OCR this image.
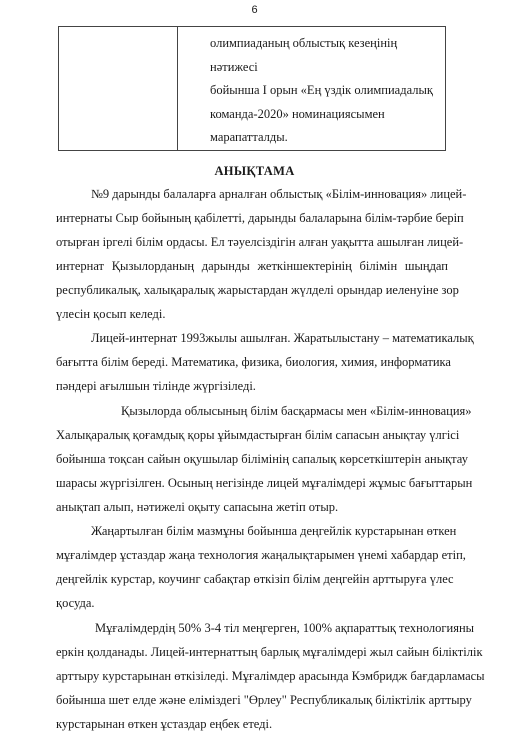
6

олимпиаданың облыстық кезеңінің нәтижесі
бойынша І орын «Ең үздік олимпиадалық
команда-2020» номинациясымен
марапатталды.
АНЫҚТАМА
№9 дарынды балаларға арналған облыстық «Білім-инновация» лицей-
интернаты Сыр бойының қабілетті, дарынды балаларына білім-тәрбие беріп
отырған іргелі білім ордасы. Ел тәуелсіздігін алған уақытта ашылған лицей-
интернат Қызылорданың дарынды жеткіншектерінің білімін шыңдап
республикалық, халықаралық жарыстардан жүлделі орындар иеленуіне зор
үлесін қосып келеді.
Лицей-интернат 1993жылы ашылған. Жаратылыстану – математикалық
бағытта білім береді. Математика, физика, биология, химия, информатика
пәндері ағылшын тілінде жүргізіледі.
Қызылорда облысының білім басқармасы мен «Білім-инновация»
Халықаралық қоғамдық қоры ұйымдастырған білім сапасын анықтау үлгісі
бойынша тоқсан сайын оқушылар білімінің сапалық көрсеткіштерін анықтау
шарасы жүргізілген. Осының негізінде лицей мұғалімдері жұмыс бағыттарын
анықтап алып, нәтижелі оқыту сапасына жетіп отыр.
Жаңартылған білім мазмұны бойынша деңгейлік курстарынан өткен
мұғалімдер ұстаздар жаңа технология жаңалықтарымен үнемі хабардар етіп,
деңгейлік курстар, коучинг сабақтар өткізіп білім деңгейін арттыруға үлес
қосуда.
Мұғалімдердің 50% 3-4 тіл меңгерген, 100% ақпараттық технологияны
еркін қолданады. Лицей-интернаттың барлық мұғалімдері жыл сайын біліктілік
арттыру курстарынан өткізіледі. Мұғалімдер арасында Кэмбридж бағдарламасы
бойынша шет елде және еліміздегі "Өрлеу" Республикалық біліктілік арттыру
курстарынан өткен ұстаздар еңбек етеді.
